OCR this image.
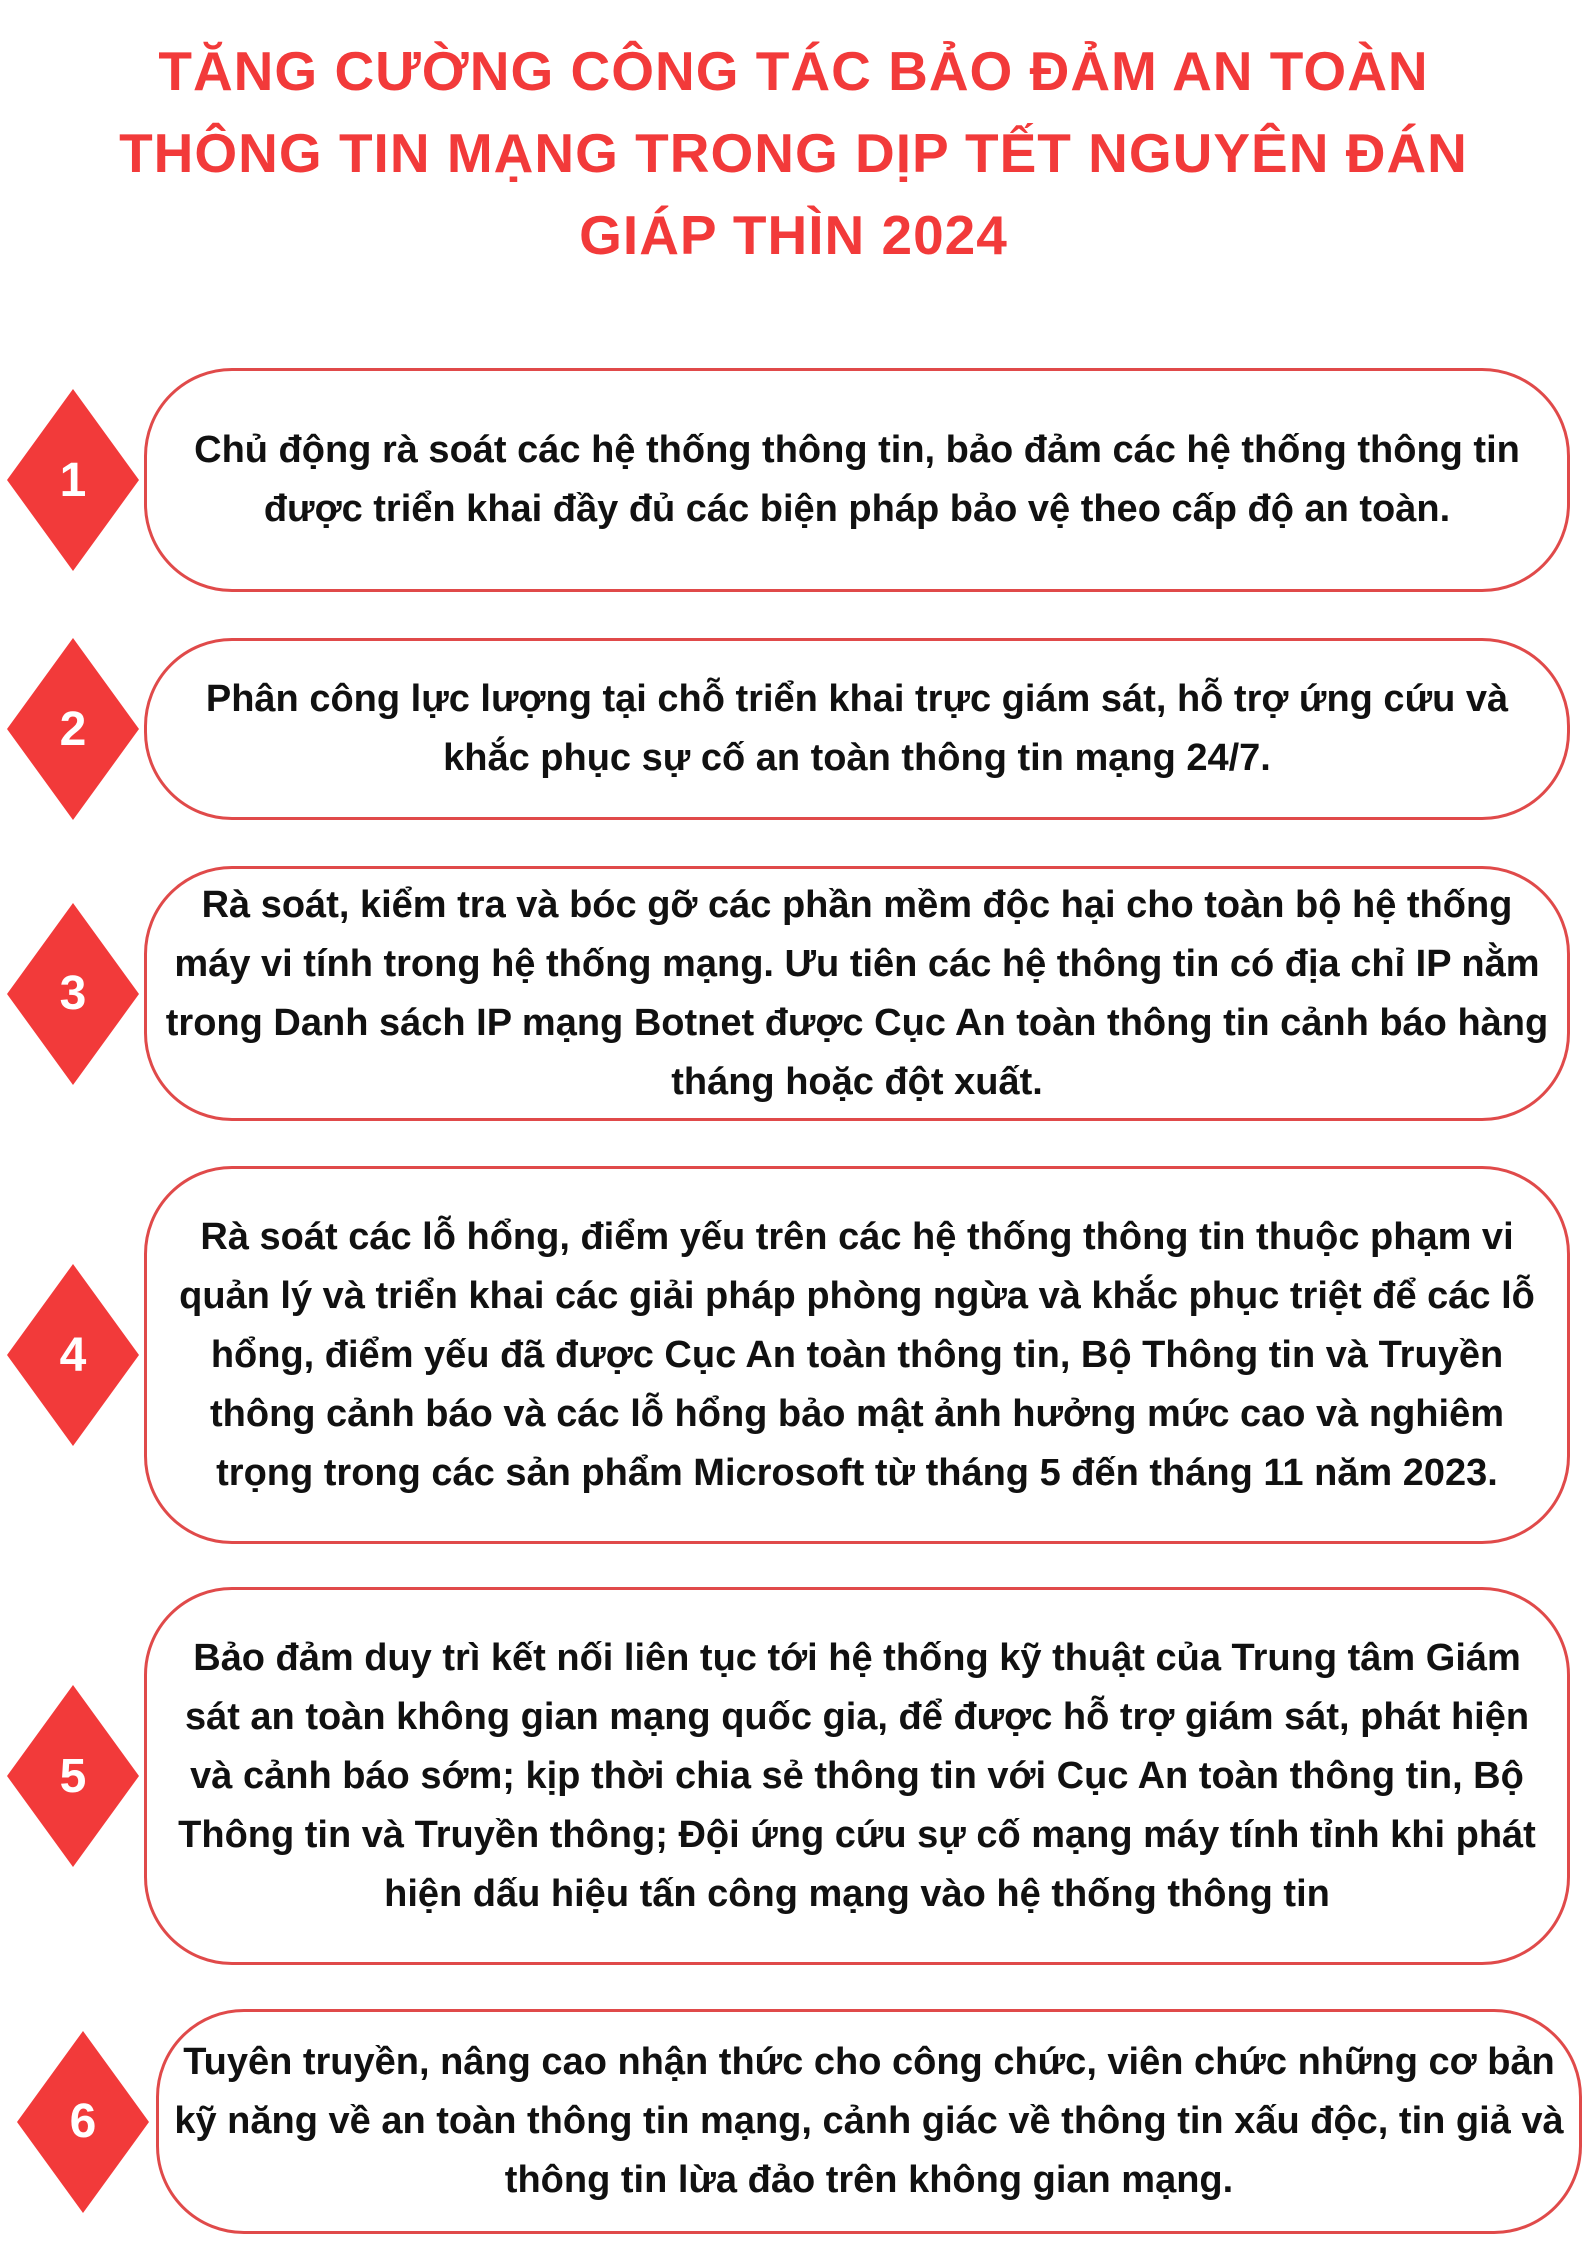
TĂNG CƯỜNG CÔNG TÁC BẢO ĐẢM AN TOÀN
THÔNG TIN MẠNG TRONG DỊP TẾT NGUYÊN ĐÁN
GIÁP THÌN 2024
Chủ động rà soát các hệ thống thông tin, bảo đảm các hệ thống thông tin được triển khai đầy đủ các biện pháp bảo vệ theo cấp độ an toàn.
1
Phân công lực lượng tại chỗ triển khai trực giám sát, hỗ trợ ứng cứu và khắc phục sự cố an toàn thông tin mạng 24/7.
2
Rà soát, kiểm tra và bóc gỡ các phần mềm độc hại cho toàn bộ hệ thống máy vi tính trong hệ thống mạng. Ưu tiên các hệ thông tin có địa chỉ IP nằm trong Danh sách IP mạng Botnet được Cục An toàn thông tin cảnh báo hàng tháng hoặc đột xuất.
3
Rà soát các lỗ hổng, điểm yếu trên các hệ thống thông tin thuộc phạm vi quản lý và triển khai các giải pháp phòng ngừa và khắc phục triệt để các lỗ hổng, điểm yếu đã được Cục An toàn thông tin, Bộ Thông tin và Truyền thông cảnh báo và các lỗ hổng bảo mật ảnh hưởng mức cao và nghiêm trọng trong các sản phẩm Microsoft từ tháng 5 đến tháng 11 năm 2023.
4
Bảo đảm duy trì kết nối liên tục tới hệ thống kỹ thuật của Trung tâm Giám sát an toàn không gian mạng quốc gia, để được hỗ trợ giám sát, phát hiện và cảnh báo sớm; kịp thời chia sẻ thông tin với Cục An toàn thông tin, Bộ Thông tin và Truyền thông; Đội ứng cứu sự cố mạng máy tính tỉnh khi phát hiện dấu hiệu tấn công mạng vào hệ thống thông tin
5
Tuyên truyền, nâng cao nhận thức cho công chức, viên chức những cơ bản kỹ năng về an toàn thông tin mạng, cảnh giác về thông tin xấu độc, tin giả và thông tin lừa đảo trên không gian mạng.
6
